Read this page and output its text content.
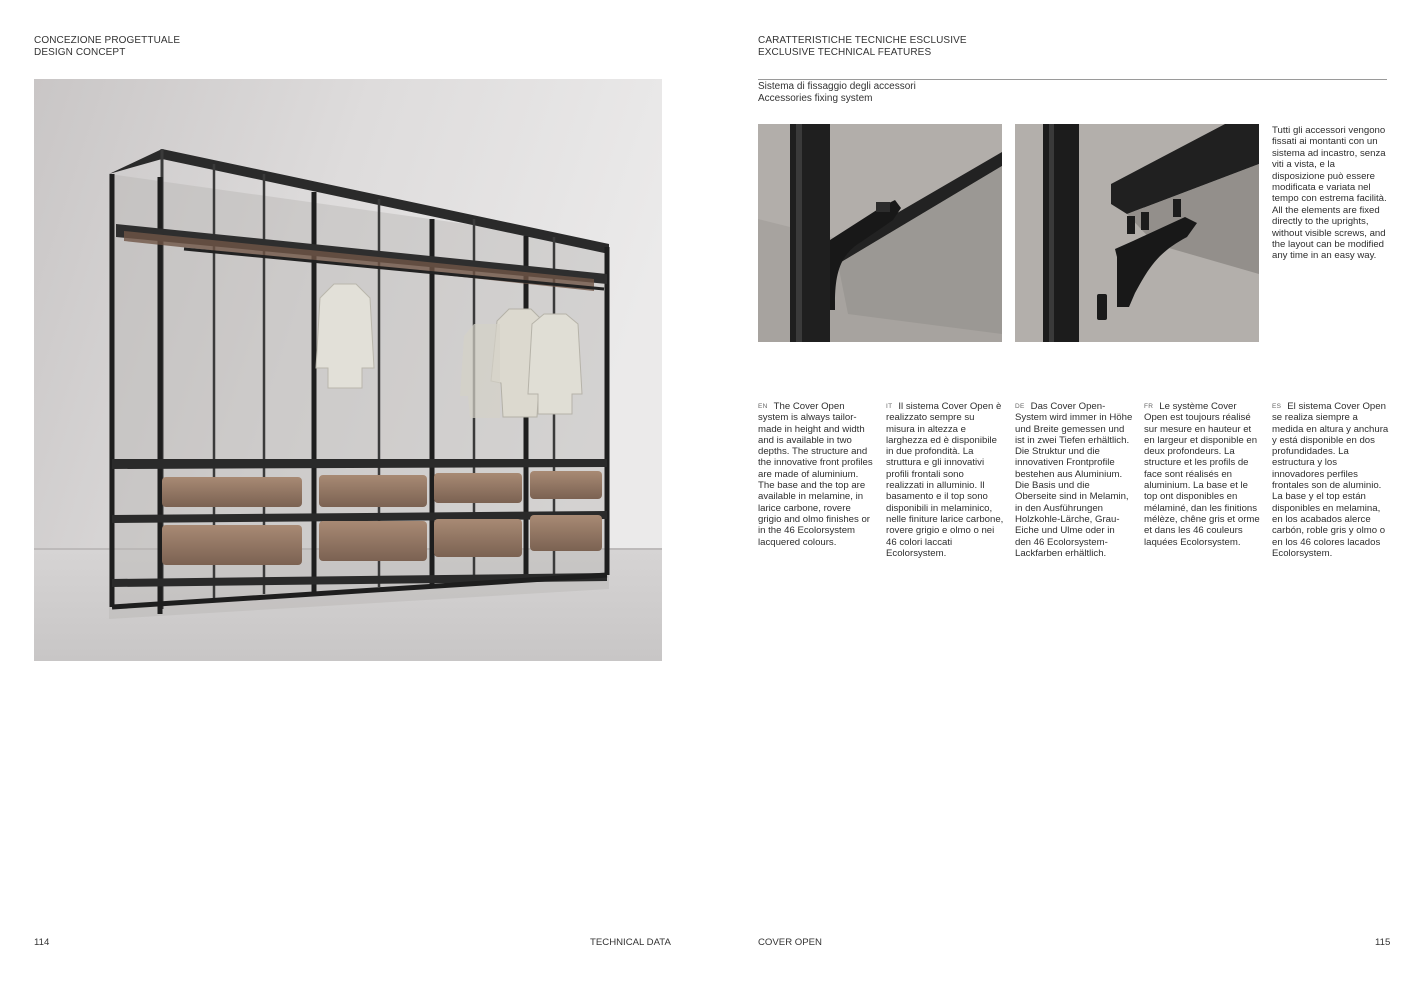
CONCEZIONE PROGETTUALE
DESIGN CONCEPT
114	TECHNICAL DATA
CARATTERISTICHE TECNICHE ESCLUSIVE
EXCLUSIVE TECHNICAL FEATURES
Sistema di fissaggio degli accessori
Accessories fixing system
Tutti gli accessori vengono fissati ai montanti con un sistema ad incastro, senza viti a vista, e la disposizione può essere modificata e variata nel tempo con estrema facilità.
All the elements are fixed directly to the uprights, without visible screws, and the layout can be modified any time in an easy way.
EN The Cover Open system is always tailor-made in height and width and is available in two depths. The structure and the innovative front profiles are made of aluminium. The base and the top are available in melamine, in larice carbone, rovere grigio and olmo finishes or in the 46 Ecolorsystem lacquered colours.
IT Il sistema Cover Open è realizzato sempre su misura in altezza e larghezza ed è disponibile in due profondità. La struttura e gli innovativi profili frontali sono realizzati in alluminio. Il basamento e il top sono disponibili in melaminico, nelle finiture larice carbone, rovere grigio e olmo o nei 46 colori laccati Ecolorsystem.
DE Das Cover Open-System wird immer in Höhe und Breite gemessen und ist in zwei Tiefen erhältlich. Die Struktur und die innovativen Frontprofile bestehen aus Aluminium. Die Basis und die Oberseite sind in Melamin, in den Ausführungen Holzkohle-Lärche, Grau-Eiche und Ulme oder in den 46 Ecolorsystem-Lackfarben erhältlich.
FR Le système Cover Open est toujours réalisé sur mesure en hauteur et en largeur et disponible en deux profondeurs. La structure et les profils de face sont réalisés en aluminium. La base et le top ont disponibles en mélaminé, dan les finitions mélèze, chêne gris et orme et dans les 46 couleurs laquées Ecolorsystem.
ES El sistema Cover Open se realiza siempre a medida en altura y anchura y está disponible en dos profundidades. La estructura y los innovadores perfiles frontales son de aluminio. La base y el top están disponibles en melamina, en los acabados alerce carbón, roble gris y olmo o en los 46 colores lacados Ecolorsystem.
COVER OPEN	115
